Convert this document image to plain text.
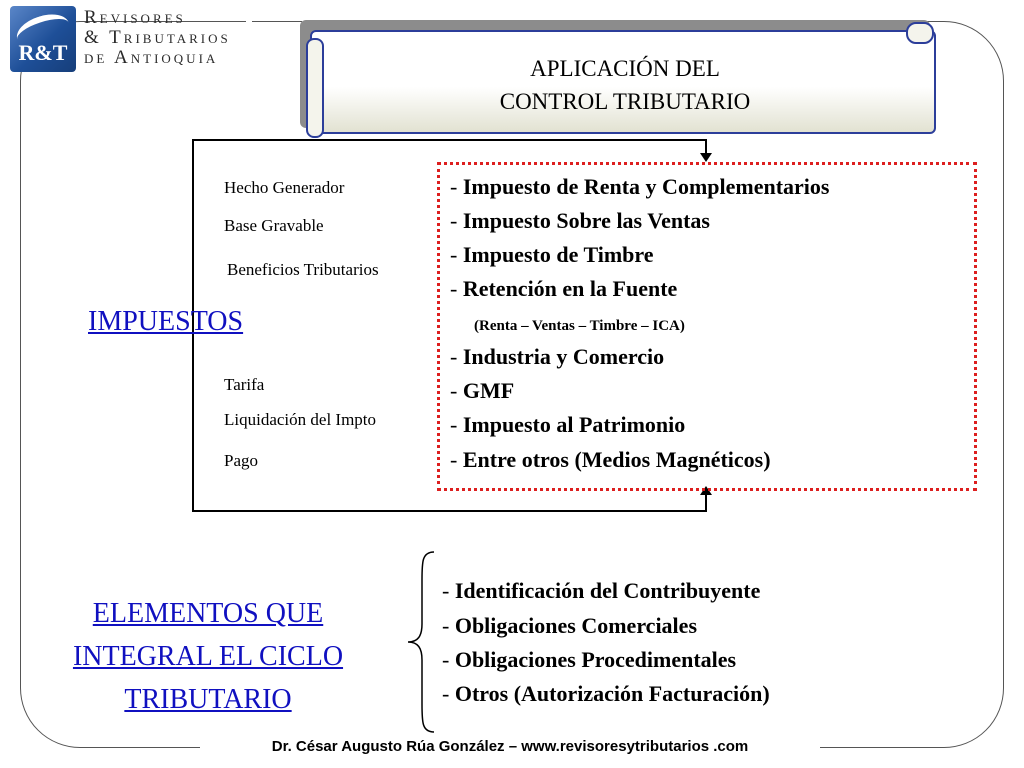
R&T
Revisores
& Tributarios
de Antioquia	APLICACIÓN DEL
CONTROL TRIBUTARIO
Hecho Generador
Base Gravable
Beneficios Tributarios
Tarifa
Liquidación del Impto
Pago
IMPUESTOS
- Impuesto de Renta y Complementarios
- Impuesto Sobre las Ventas
- Impuesto de Timbre
- Retención en la Fuente
(Renta – Ventas – Timbre – ICA)
- Industria y Comercio
- GMF
- Impuesto al Patrimonio
- Entre otros (Medios Magnéticos)
ELEMENTOS QUE
INTEGRAL EL CICLO
TRIBUTARIO
- Identificación del Contribuyente
- Obligaciones Comerciales
- Obligaciones Procedimentales
- Otros (Autorización Facturación)
Dr. César Augusto Rúa González – www.revisoresytributarios .com
